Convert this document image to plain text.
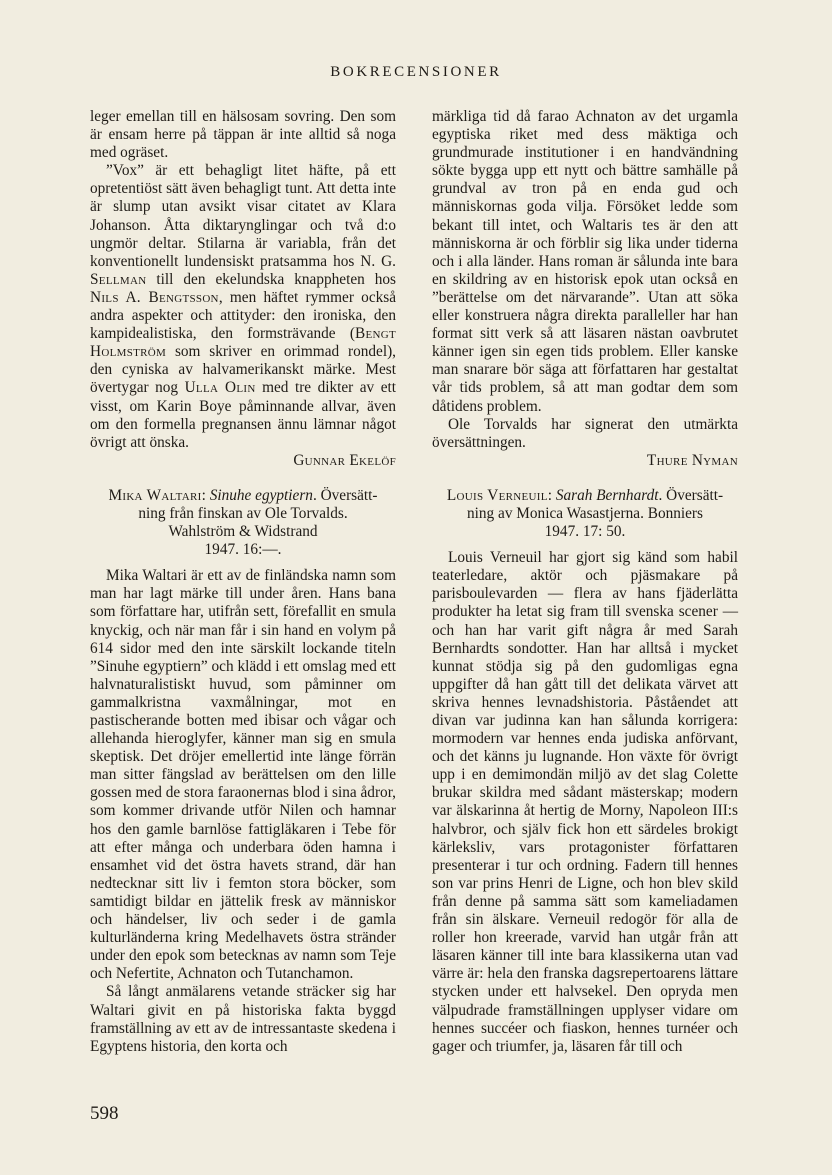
BOKRECENSIONER

leger emellan till en hälsosam sovring. Den som är ensam herre på täppan är inte alltid så noga med ogräset.

”Vox” är ett behagligt litet häfte, på ett opretentiöst sätt även behagligt tunt. Att detta inte är slump utan avsikt visar citatet av Klara Johanson. Åtta diktarynglingar och två d:o ungmör deltar. Stilarna är variabla, från det konventionellt lundensiskt pratsamma hos N. G. Sellman till den ekelundska knappheten hos Nils A. Bengtsson, men häftet rymmer också andra aspekter och attityder: den ironiska, den kampidealistiska, den formsträvande (Bengt Holmström som skriver en orimmad rondel), den cyniska av halvamerikanskt märke. Mest övertygar nog Ulla Olin med tre dikter av ett visst, om Karin Boye påminnande allvar, även om den formella pregnansen ännu lämnar något övrigt att önska.

Gunnar Ekelöf

Mika Waltari: Sinuhe egyptiern. Översätt-
ning från finskan av Ole Torvalds.
Wahlström & Widstrand
1947. 16:—.

Mika Waltari är ett av de finländska namn som man har lagt märke till under åren. Hans bana som författare har, utifrån sett, förefallit en smula knyckig, och när man får i sin hand en volym på 614 sidor med den inte särskilt lockande titeln ”Sinuhe egyptiern” och klädd i ett omslag med ett halvnaturalistiskt huvud, som påminner om gammalkristna vaxmålningar, mot en pastischerande botten med ibisar och vågar och allehanda hieroglyfer, känner man sig en smula skeptisk. Det dröjer emellertid inte länge förrän man sitter fängslad av berättelsen om den lille gossen med de stora faraonernas blod i sina ådror, som kommer drivande utför Nilen och hamnar hos den gamle barnlöse fattigläkaren i Tebe för att efter många och underbara öden hamna i ensamhet vid det östra havets strand, där han nedtecknar sitt liv i femton stora böcker, som samtidigt bildar en jättelik fresk av människor och händelser, liv och seder i de gamla kulturländerna kring Medelhavets östra stränder under den epok som betecknas av namn som Teje och Nefertite, Achnaton och Tutanchamon.

Så långt anmälarens vetande sträcker sig har Waltari givit en på historiska fakta byggd framställning av ett av de intressantaste skedena i Egyptens historia, den korta och

märkliga tid då farao Achnaton av det urgamla egyptiska riket med dess mäktiga och grundmurade institutioner i en handvändning sökte bygga upp ett nytt och bättre samhälle på grundval av tron på en enda gud och människornas goda vilja. Försöket ledde som bekant till intet, och Waltaris tes är den att människorna är och förblir sig lika under tiderna och i alla länder. Hans roman är sålunda inte bara en skildring av en historisk epok utan också en ”berättelse om det närvarande”. Utan att söka eller konstruera några direkta paralleller har han format sitt verk så att läsaren nästan oavbrutet känner igen sin egen tids problem. Eller kanske man snarare bör säga att författaren har gestaltat vår tids problem, så att man godtar dem som dåtidens problem.

Ole Torvalds har signerat den utmärkta översättningen.

Thure Nyman

Louis Verneuil: Sarah Bernhardt. Översätt-
ning av Monica Wasastjerna. Bonniers
1947. 17: 50.

Louis Verneuil har gjort sig känd som habil teaterledare, aktör och pjäsmakare på parisboulevarden — flera av hans fjäderlätta produkter ha letat sig fram till svenska scener — och han har varit gift några år med Sarah Bernhardts sondotter. Han har alltså i mycket kunnat stödja sig på den gudomligas egna uppgifter då han gått till det delikata värvet att skriva hennes levnadshistoria. Påståendet att divan var judinna kan han sålunda korrigera: mormodern var hennes enda judiska anförvant, och det känns ju lugnande. Hon växte för övrigt upp i en demimondän miljö av det slag Colette brukar skildra med sådant mästerskap; modern var älskarinna åt hertig de Morny, Napoleon III:s halvbror, och själv fick hon ett särdeles brokigt kärleksliv, vars protagonister författaren presenterar i tur och ordning. Fadern till hennes son var prins Henri de Ligne, och hon blev skild från denne på samma sätt som kameliadamen från sin älskare. Verneuil redogör för alla de roller hon kreerade, varvid han utgår från att läsaren känner till inte bara klassikerna utan vad värre är: hela den franska dagsrepertoarens lättare stycken under ett halvsekel. Den opryda men välpudrade framställningen upplyser vidare om hennes succéer och fiaskon, hennes turnéer och gager och triumfer, ja, läsaren får till och

598
